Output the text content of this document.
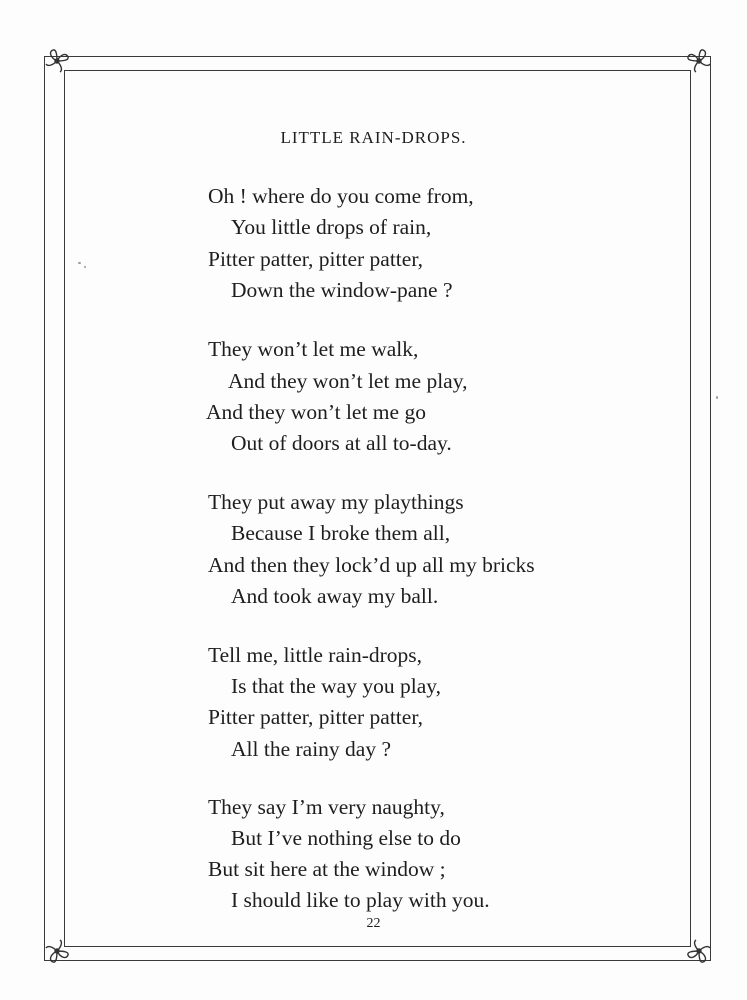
LITTLE RAIN-DROPS.
Oh ! where do you come from,
You little drops of rain,
Pitter patter, pitter patter,
Down the window-pane ?
They won’t let me walk,
And they won’t let me play,
And they won’t let me go
Out of doors at all to-day.
They put away my playthings
Because I broke them all,
And then they lock’d up all my bricks
And took away my ball.
Tell me, little rain-drops,
Is that the way you play,
Pitter patter, pitter patter,
All the rainy day ?
They say I’m very naughty,
But I’ve nothing else to do
But sit here at the window ;
I should like to play with you.
22
